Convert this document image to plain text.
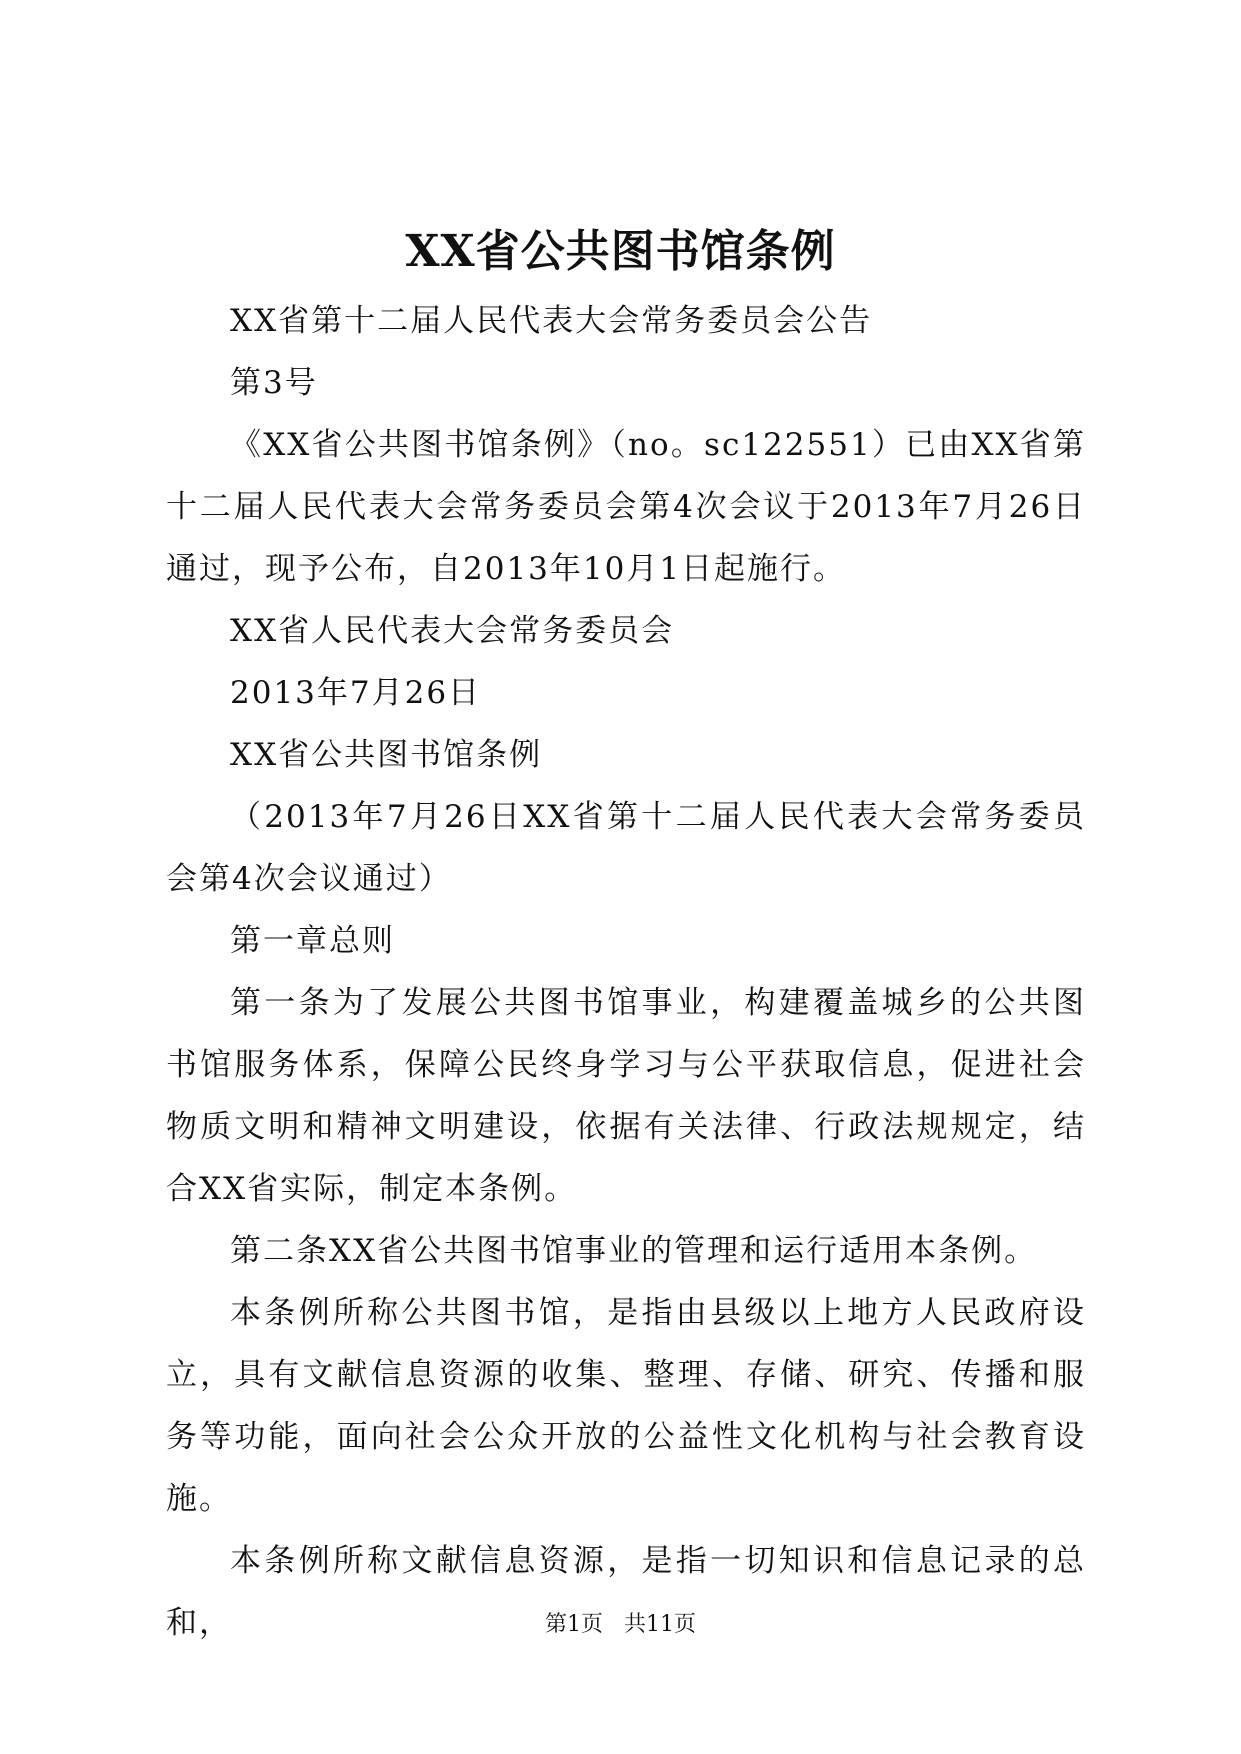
XX省公共图书馆条例

XX省第十二届人民代表大会常务委员会公告

第3号

《XX省公共图书馆条例》（no。sc122551）已由XX省第十二届人民代表大会常务委员会第4次会议于2013年7月26日通过，现予公布，自2013年10月1日起施行。

XX省人民代表大会常务委员会

2013年7月26日

XX省公共图书馆条例

（2013年7月26日XX省第十二届人民代表大会常务委员会第4次会议通过）

第一章总则

第一条为了发展公共图书馆事业，构建覆盖城乡的公共图书馆服务体系，保障公民终身学习与公平获取信息，促进社会物质文明和精神文明建设，依据有关法律、行政法规规定，结合XX省实际，制定本条例。

第二条XX省公共图书馆事业的管理和运行适用本条例。

本条例所称公共图书馆，是指由县级以上地方人民政府设立，具有文献信息资源的收集、整理、存储、研究、传播和服务等功能，面向社会公众开放的公益性文化机构与社会教育设施。

本条例所称文献信息资源，是指一切知识和信息记录的总和，	第1页 共11页
